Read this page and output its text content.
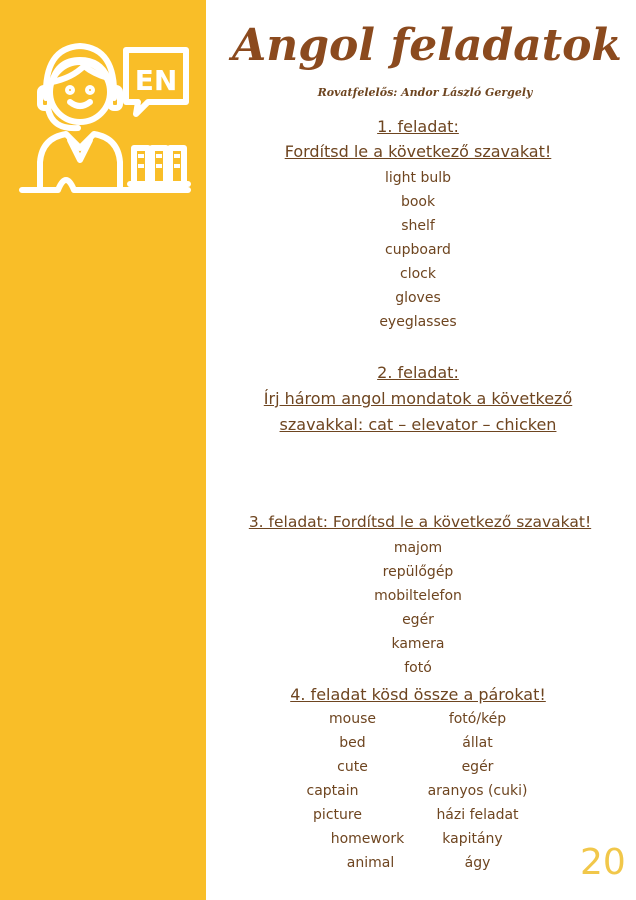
EN
Angol feladatok
Rovatfelelős: Andor László Gergely
1. feladat:
Fordítsd le a következő szavakat!
light bulb
book
shelf
cupboard
clock
gloves
eyeglasses
2. feladat:
Írj három angol mondatok a következő
szavakkal: cat – elevator – chicken
3. feladat: Fordítsd le a következő szavakat!
majom
repülőgép
mobiltelefon
egér
kamera
fotó
4. feladat kösd össze a párokat!
mouse	fotó/kép
bed	állat
cute	egér
captain	aranyos (cuki)
picture	házi feladat
homework	kapitány
animal	ágy	20
